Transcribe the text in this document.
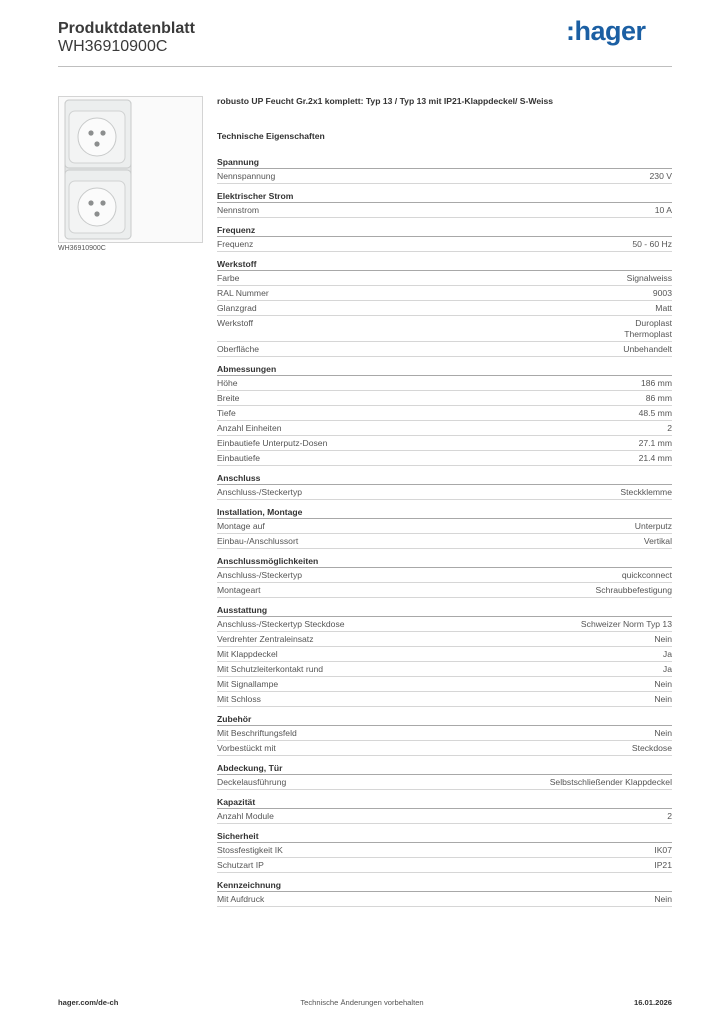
Produktdatenblatt
WH36910900C
:hager
WH36910900C
robusto UP Feucht Gr.2x1 komplett: Typ 13 / Typ 13 mit IP21-Klappdeckel/ S-Weiss
Technische Eigenschaften
Spannung
Nennspannung	230 V
Elektrischer Strom
Nennstrom	10 A
Frequenz
Frequenz	50 - 60 Hz
Werkstoff
Farbe	Signalweiss
RAL Nummer	9003
Glanzgrad	Matt
Werkstoff	Duroplast
Thermoplast
Oberfläche	Unbehandelt
Abmessungen
Höhe	186 mm
Breite	86 mm
Tiefe	48.5 mm
Anzahl Einheiten	2
Einbautiefe Unterputz-Dosen	27.1 mm
Einbautiefe	21.4 mm
Anschluss
Anschluss-/Steckertyp	Steckklemme
Installation, Montage
Montage auf	Unterputz
Einbau-/Anschlussort	Vertikal
Anschlussmöglichkeiten
Anschluss-/Steckertyp	quickconnect
Montageart	Schraubbefestigung
Ausstattung
Anschluss-/Steckertyp Steckdose	Schweizer Norm Typ 13
Verdrehter Zentraleinsatz	Nein
Mit Klappdeckel	Ja
Mit Schutzleiterkontakt rund	Ja
Mit Signallampe	Nein
Mit Schloss	Nein
Zubehör
Mit Beschriftungsfeld	Nein
Vorbestückt mit	Steckdose
Abdeckung, Tür
Deckelausführung	Selbstschließender Klappdeckel
Kapazität
Anzahl Module	2
Sicherheit
Stossfestigkeit IK	IK07
Schutzart IP	IP21
Kennzeichnung
Mit Aufdruck	Nein
hager.com/de-ch	Technische Änderungen vorbehalten	16.01.2026
